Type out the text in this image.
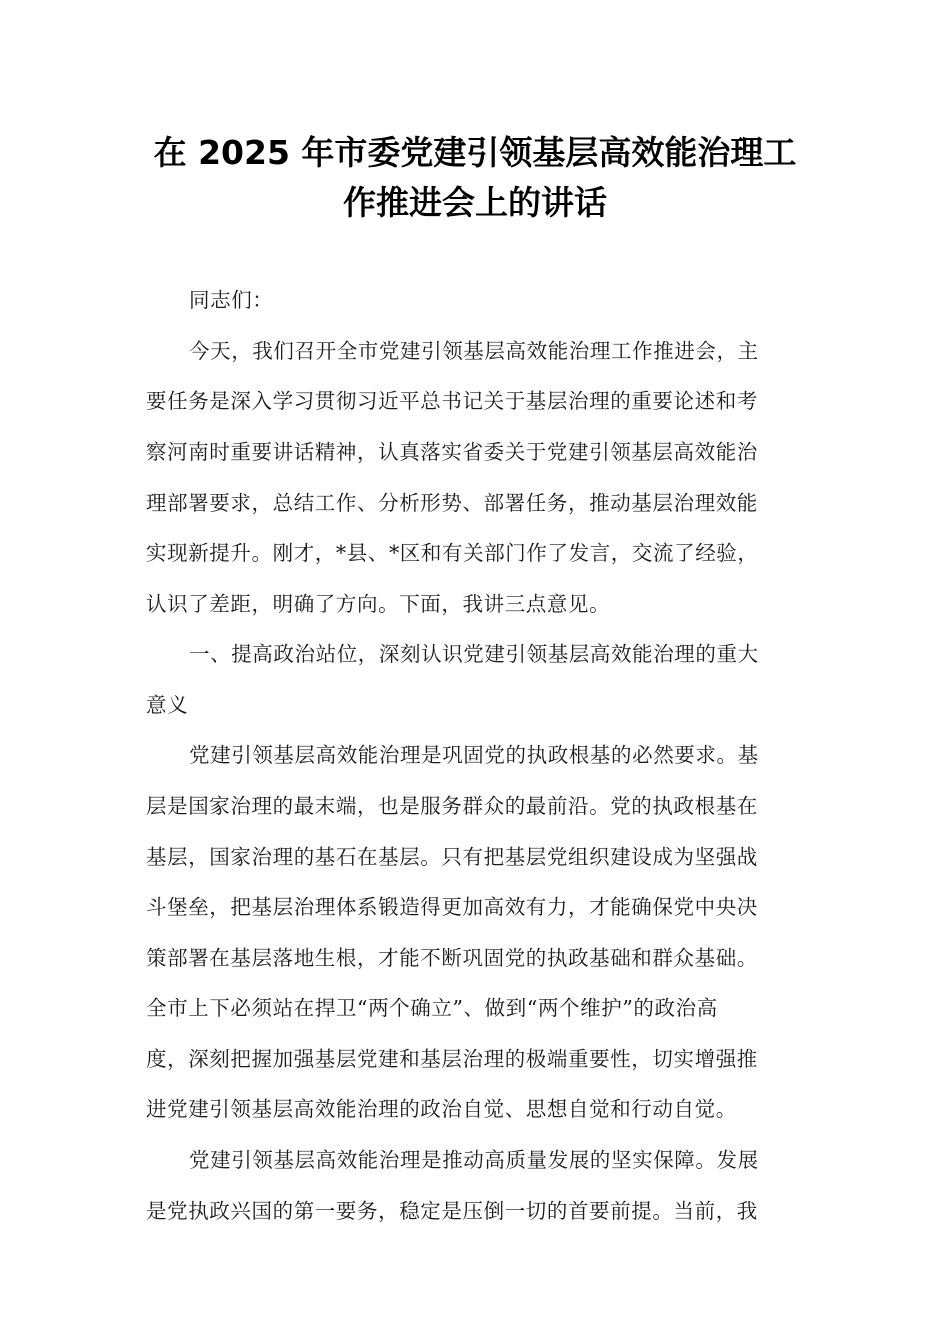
在 2025 年市委党建引领基层高效能治理工
作推进会上的讲话
同志们：
今天，我们召开全市党建引领基层高效能治理工作推进会，主
要任务是深入学习贯彻习近平总书记关于基层治理的重要论述和考
察河南时重要讲话精神，认真落实省委关于党建引领基层高效能治
理部署要求，总结工作、分析形势、部署任务，推动基层治理效能
实现新提升。刚才，*县、*区和有关部门作了发言，交流了经验，
认识了差距，明确了方向。下面，我讲三点意见。
一、提高政治站位，深刻认识党建引领基层高效能治理的重大
意义
党建引领基层高效能治理是巩固党的执政根基的必然要求。基
层是国家治理的最末端，也是服务群众的最前沿。党的执政根基在
基层，国家治理的基石在基层。只有把基层党组织建设成为坚强战
斗堡垒，把基层治理体系锻造得更加高效有力，才能确保党中央决
策部署在基层落地生根，才能不断巩固党的执政基础和群众基础。
全市上下必须站在捍卫“两个确立”、做到“两个维护”的政治高
度，深刻把握加强基层党建和基层治理的极端重要性，切实增强推
进党建引领基层高效能治理的政治自觉、思想自觉和行动自觉。
党建引领基层高效能治理是推动高质量发展的坚实保障。发展
是党执政兴国的第一要务，稳定是压倒一切的首要前提。当前，我
